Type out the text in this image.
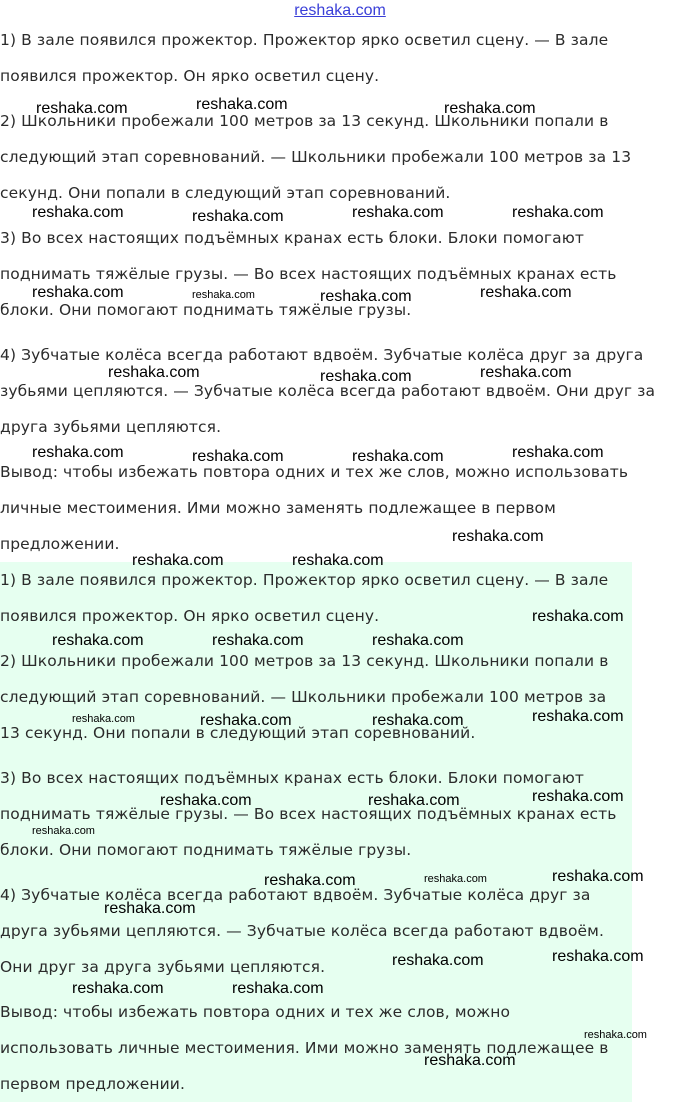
reshaka.com
1) В зале появился прожектор. Прожектор ярко осветил сцену. — В зале
появился прожектор. Он ярко осветил сцену.
2) Школьники пробежали 100 метров за 13 секунд. Школьники попали в
следующий этап соревнований. — Школьники пробежали 100 метров за 13
секунд. Они попали в следующий этап соревнований.
3) Во всех настоящих подъёмных кранах есть блоки. Блоки помогают
поднимать тяжёлые грузы. — Во всех настоящих подъёмных кранах есть
блоки. Они помогают поднимать тяжёлые грузы.
4) Зубчатые колёса всегда работают вдвоём. Зубчатые колёса друг за друга
зубьями цепляются. — Зубчатые колёса всегда работают вдвоём. Они друг за
друга зубьями цепляются.
Вывод: чтобы избежать повтора одних и тех же слов, можно использовать
личные местоимения. Ими можно заменять подлежащее в первом
предложении.
1) В зале появился прожектор. Прожектор ярко осветил сцену. — В зале
появился прожектор. Он ярко осветил сцену.
2) Школьники пробежали 100 метров за 13 секунд. Школьники попали в
следующий этап соревнований. — Школьники пробежали 100 метров за
13 секунд. Они попали в следующий этап соревнований.
3) Во всех настоящих подъёмных кранах есть блоки. Блоки помогают
поднимать тяжёлые грузы. — Во всех настоящих подъёмных кранах есть
блоки. Они помогают поднимать тяжёлые грузы.
4) Зубчатые колёса всегда работают вдвоём. Зубчатые колёса друг за
друга зубьями цепляются. — Зубчатые колёса всегда работают вдвоём.
Они друг за друга зубьями цепляются.
Вывод: чтобы избежать повтора одних и тех же слов, можно
использовать личные местоимения. Ими можно заменять подлежащее в
первом предложении.
reshaka.com	reshaka.com	reshaka.com
reshaka.com	reshaka.com	reshaka.com	reshaka.com
reshaka.com	reshaka.com	reshaka.com	reshaka.com
reshaka.com	reshaka.com	reshaka.com
reshaka.com	reshaka.com	reshaka.com	reshaka.com
reshaka.com
reshaka.com	reshaka.com
reshaka.com
reshaka.com	reshaka.com	reshaka.com
reshaka.com	reshaka.com	reshaka.com	reshaka.com
reshaka.com	reshaka.com	reshaka.com
reshaka.com
reshaka.com	reshaka.com	reshaka.com
reshaka.com
reshaka.com	reshaka.com
reshaka.com	reshaka.com
reshaka.com
reshaka.com
